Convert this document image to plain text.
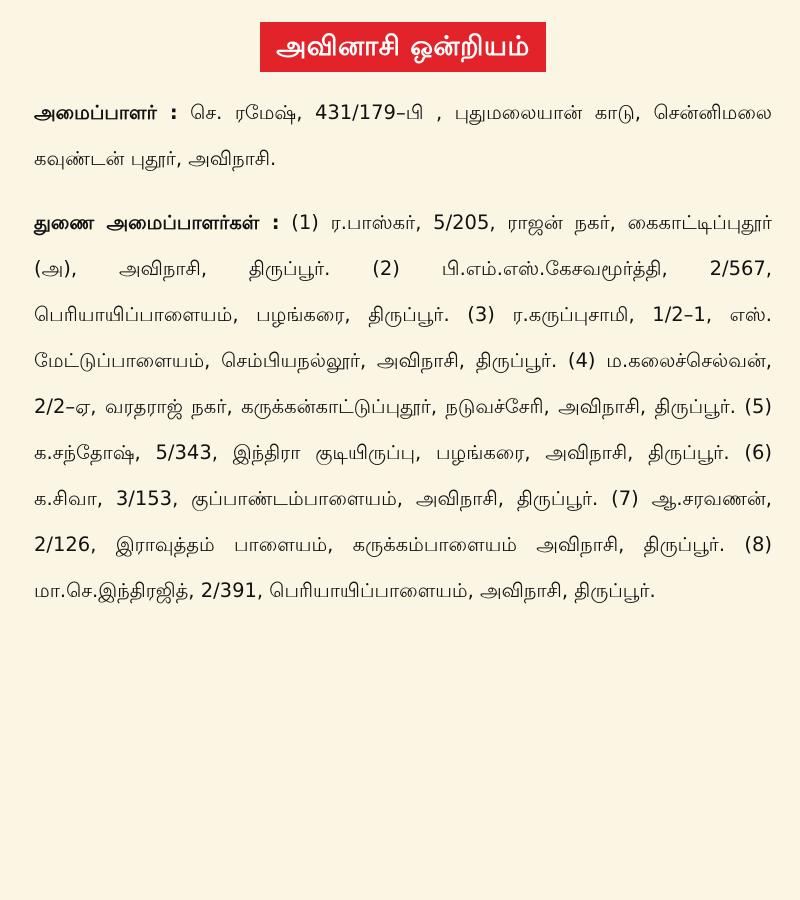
அவினாசி ஒன்றியம்

அமைப்பாளர் : செ. ரமேஷ், 431/179–பி , புதுமலையான் காடு, சென்னிமலை கவுண்டன் புதூர், அவிநாசி.

துணை அமைப்பாளர்கள் : (1) ர.பாஸ்கர், 5/205, ராஜன் நகர், கைகாட்டிப்புதூர் (அ), அவிநாசி, திருப்பூர். (2) பி.எம்.எஸ்.கேசவமூர்த்தி, 2/567, பெரியாயிப்பாளையம், பழங்கரை, திருப்பூர். (3) ர.கருப்புசாமி, 1/2–1, எஸ். மேட்டுப்பாளையம், செம்பியநல்லூர், அவிநாசி, திருப்பூர். (4) ம.கலைச்செல்வன், 2/2–ஏ, வரதராஜ் நகர், கருக்கன்காட்டுப்புதூர், நடுவச்சேரி, அவிநாசி, திருப்பூர். (5) க.சந்தோஷ், 5/343, இந்திரா குடியிருப்பு, பழங்கரை, அவிநாசி, திருப்பூர். (6) க.சிவா, 3/153, குப்பாண்டம்பாளையம், அவிநாசி, திருப்பூர். (7) ஆ.சரவணன், 2/126, இராவுத்தம் பாளையம், கருக்கம்பாளையம் அவிநாசி, திருப்பூர். (8) மா.செ.இந்திரஜித், 2/391, பெரியாயிப்பாளையம், அவிநாசி, திருப்பூர்.
